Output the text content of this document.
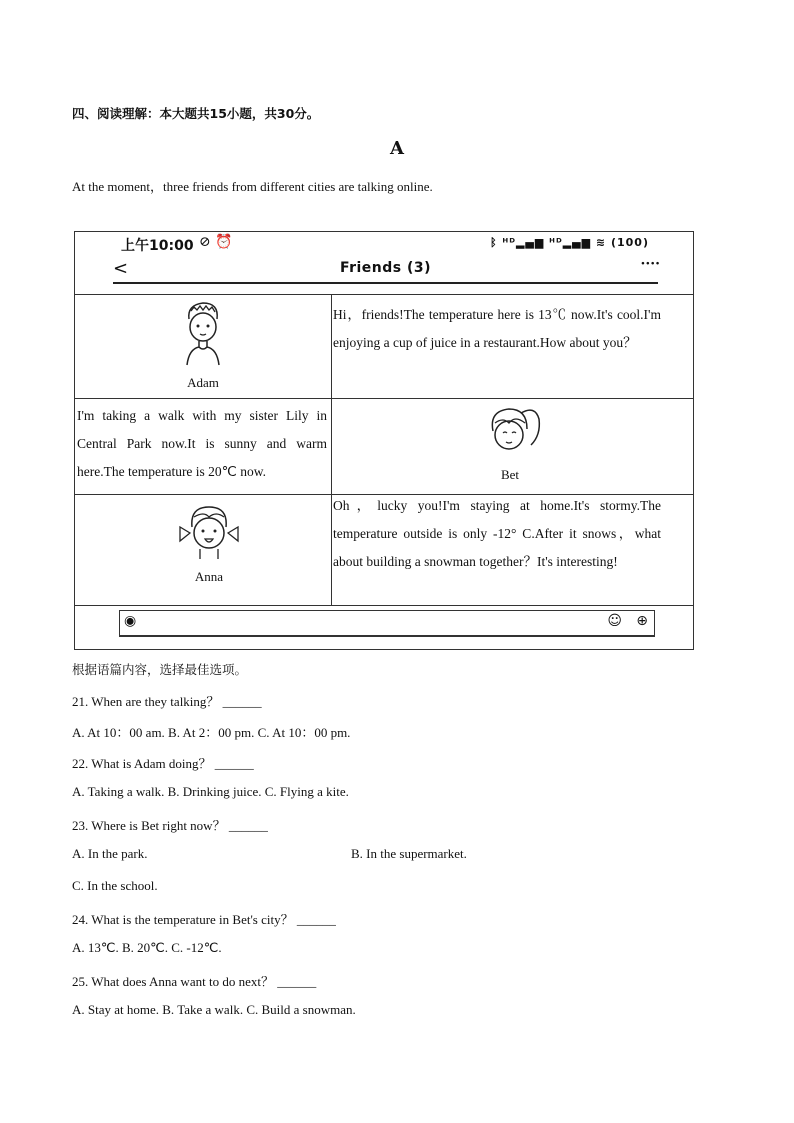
四、阅读理解：本大题共15小题，共30分。
A
At the moment，three friends from different cities are talking online.
上午10:00 ⊘ ⏰	ᛒ ᴴᴰ▂▄▆ ᴴᴰ▂▄▆ ≋ (100)
<	Friends (3)	····
Adam
Hi，friends!The temperature here is 13℃ now.It's cool.I'm enjoying a cup of juice in a restaurant.How about you？
I'm taking a walk with my sister Lily in Central Park now.It is sunny and warm here.The temperature is 20℃ now.	Bet
Anna
Oh，lucky you!I'm staying at home.It's stormy.The temperature outside is only -12° C.After it snows，what about building a snowman together？It's interesting!
◉	☺ ⊕
根据语篇内容，选择最佳选项。
21. When are they talking？ ______
A. At 10：00 am. B. At 2：00 pm. C. At 10：00 pm.
22. What is Adam doing？ ______
A. Taking a walk. B. Drinking juice. C. Flying a kite.
23. Where is Bet right now？ ______
A. In the park.	B. In the supermarket.
C. In the school.
24. What is the temperature in Bet's city？ ______
A. 13℃. B. 20℃. C. -12℃.
25. What does Anna want to do next？ ______
A. Stay at home. B. Take a walk. C. Build a snowman.
